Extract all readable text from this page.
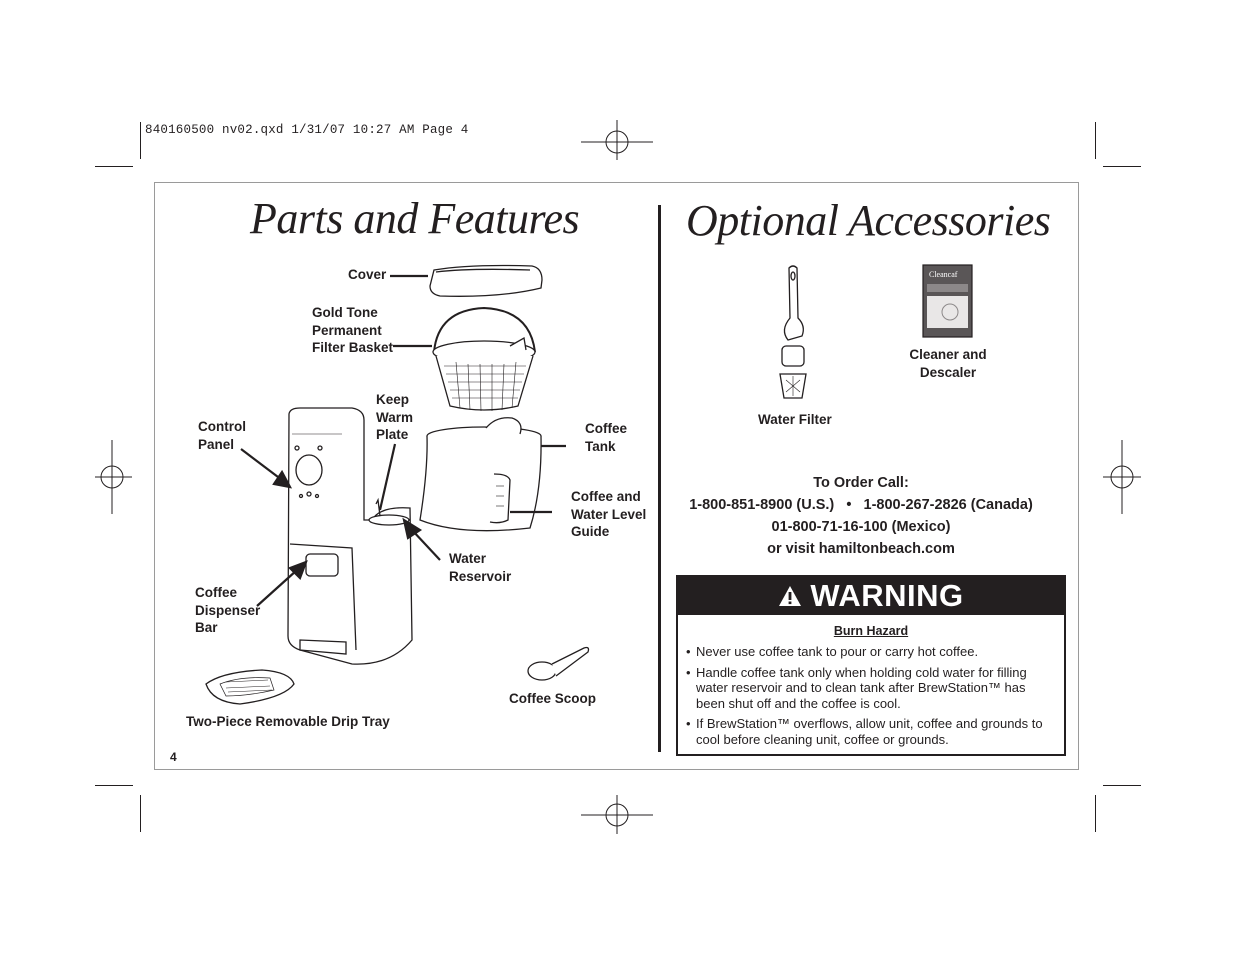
840160500 nv02.qxd 1/31/07 10:27 AM Page 4
Parts and Features Optional Accessories
Cover
Gold Tone
Permanent
Filter Basket
Keep
Warm
Plate
Control
Panel
Coffee
Tank
Coffee and
Water Level
Guide
Water
Reservoir
Coffee
Dispenser
Bar
Coffee Scoop
Two-Piece Removable Drip Tray
4
Cleancaf
Water Filter
Cleaner and
Descaler
To Order Call:
1-800-851-8900 (U.S.) • 1-800-267-2826 (Canada)
01-800-71-16-100 (Mexico)
or visit hamiltonbeach.com
WARNING
Burn Hazard
• Never use coffee tank to pour or carry hot coffee.
• Handle coffee tank only when holding cold water for filling water reservoir and to clean tank after BrewStation™ has been shut off and the coffee is cool.
• If BrewStation™ overflows, allow unit, coffee and grounds to cool before cleaning unit, coffee or grounds.
